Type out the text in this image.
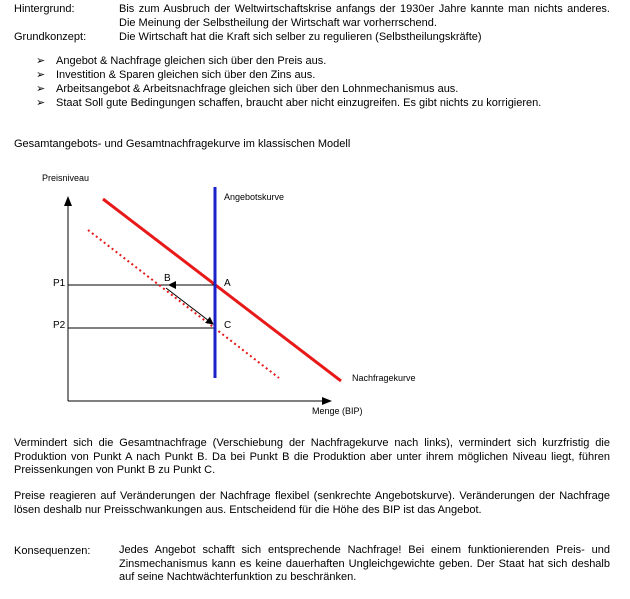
Hintergrund:	Bis zum Ausbruch der Weltwirtschaftskrise anfangs der 1930er Jahre kannte man nichts anderes. Die Meinung der Selbstheilung der Wirtschaft war vorherrschend.
Grundkonzept:	Die Wirtschaft hat die Kraft sich selber zu regulieren (Selbstheilungskräfte)
➢ Angebot & Nachfrage gleichen sich über den Preis aus.
➢ Investition & Sparen gleichen sich über den Zins aus.
➢ Arbeitsangebot & Arbeitsnachfrage gleichen sich über den Lohnmechanismus aus.
➢ Staat Soll gute Bedingungen schaffen, braucht aber nicht einzugreifen. Es gibt nichts zu korrigieren.
Gesamtangebots- und Gesamtnachfragekurve im klassischen Modell
Preisniveau
Menge (BIP)
Angebotskurve
Nachfragekurve
P1
P2
A
B
C
Vermindert sich die Gesamtnachfrage (Verschiebung der Nachfragekurve nach links), vermindert sich kurzfristig die Produktion von Punkt A nach Punkt B. Da bei Punkt B die Produktion aber unter ihrem möglichen Niveau liegt, führen Preissenkungen von Punkt B zu Punkt C.
Preise reagieren auf Veränderungen der Nachfrage flexibel (senkrechte Angebotskurve). Veränderungen der Nachfrage lösen deshalb nur Preisschwankungen aus. Entscheidend für die Höhe des BIP ist das Angebot.
Konsequenzen:	Jedes Angebot schafft sich entsprechende Nachfrage! Bei einem funktionierenden Preis- und Zinsmechanismus kann es keine dauerhaften Ungleichgewichte geben. Der Staat hat sich deshalb auf seine Nachtwächterfunktion zu beschränken.
